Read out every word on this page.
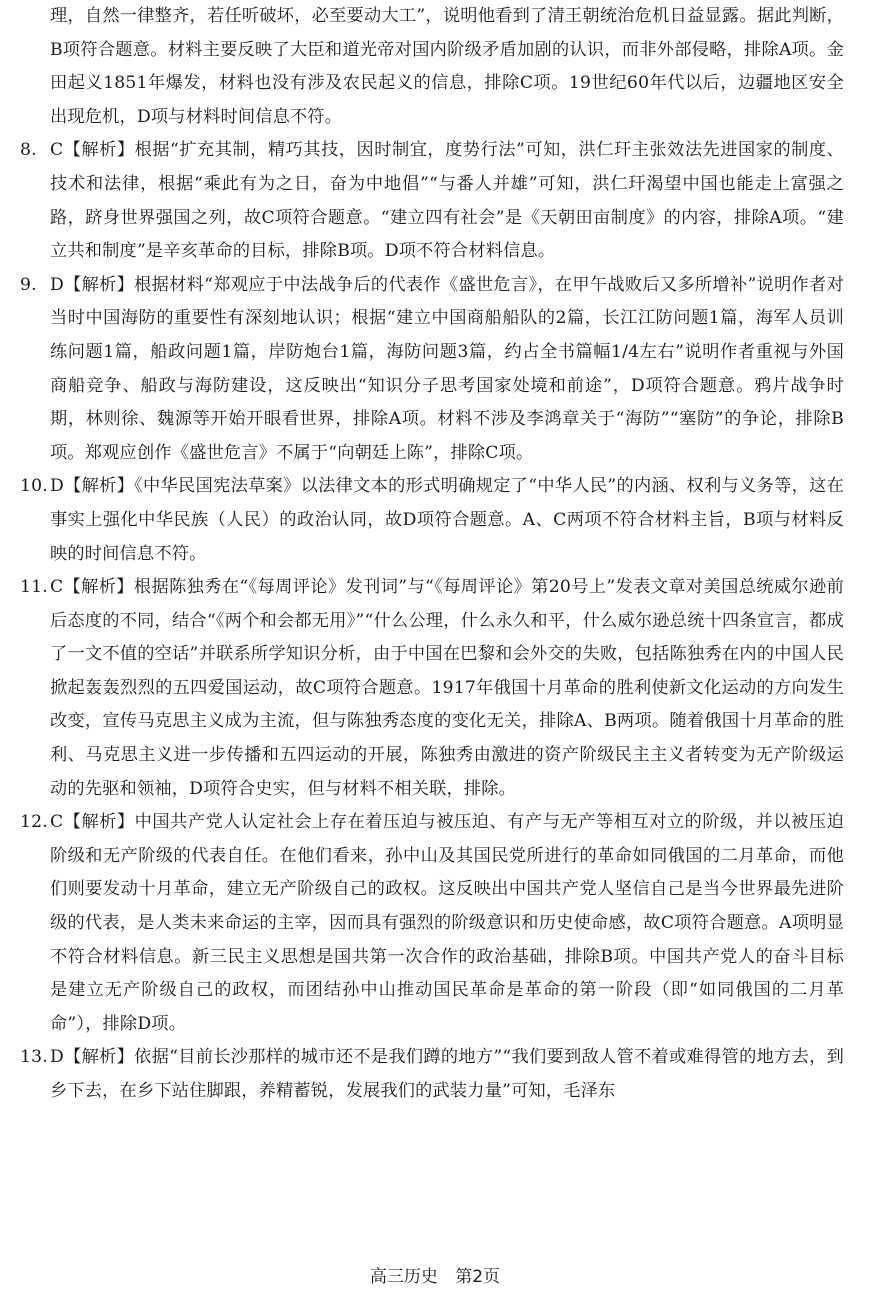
理，自然一律整齐，若任听破坏，必至要动大工”，说明他看到了清王朝统治危机日益显露。据此判断，B项符合题意。材料主要反映了大臣和道光帝对国内阶级矛盾加剧的认识，而非外部侵略，排除A项。金田起义1851年爆发，材料也没有涉及农民起义的信息，排除C项。19世纪60年代以后，边疆地区安全出现危机，D项与材料时间信息不符。
8. C【解析】根据“扩充其制，精巧其技，因时制宜，度势行法”可知，洪仁玕主张效法先进国家的制度、技术和法律，根据“乘此有为之日，奋为中地倡”“与番人并雄”可知，洪仁玕渴望中国也能走上富强之路，跻身世界强国之列，故C项符合题意。“建立四有社会”是《天朝田亩制度》的内容，排除A项。“建立共和制度”是辛亥革命的目标，排除B项。D项不符合材料信息。
9. D【解析】根据材料“郑观应于中法战争后的代表作《盛世危言》，在甲午战败后又多所增补”说明作者对当时中国海防的重要性有深刻地认识；根据“建立中国商船船队的2篇，长江江防问题1篇，海军人员训练问题1篇，船政问题1篇，岸防炮台1篇，海防问题3篇，约占全书篇幅1/4左右”说明作者重视与外国商船竞争、船政与海防建设，这反映出“知识分子思考国家处境和前途”，D项符合题意。鸦片战争时期，林则徐、魏源等开始开眼看世界，排除A项。材料不涉及李鸿章关于“海防”“塞防”的争论，排除B项。郑观应创作《盛世危言》不属于“向朝廷上陈”，排除C项。
10. D【解析】《中华民国宪法草案》以法律文本的形式明确规定了“中华人民”的内涵、权利与义务等，这在事实上强化中华民族（人民）的政治认同，故D项符合题意。A、C两项不符合材料主旨，B项与材料反映的时间信息不符。
11. C【解析】根据陈独秀在“《每周评论》发刊词”与“《每周评论》第20号上”发表文章对美国总统威尔逊前后态度的不同，结合“《两个和会都无用》”“什么公理，什么永久和平，什么威尔逊总统十四条宣言，都成了一文不值的空话”并联系所学知识分析，由于中国在巴黎和会外交的失败，包括陈独秀在内的中国人民掀起轰轰烈烈的五四爱国运动，故C项符合题意。1917年俄国十月革命的胜利使新文化运动的方向发生改变，宣传马克思主义成为主流，但与陈独秀态度的变化无关，排除A、B两项。随着俄国十月革命的胜利、马克思主义进一步传播和五四运动的开展，陈独秀由激进的资产阶级民主主义者转变为无产阶级运动的先驱和领袖，D项符合史实，但与材料不相关联，排除。
12. C【解析】中国共产党人认定社会上存在着压迫与被压迫、有产与无产等相互对立的阶级，并以被压迫阶级和无产阶级的代表自任。在他们看来，孙中山及其国民党所进行的革命如同俄国的二月革命，而他们则要发动十月革命，建立无产阶级自己的政权。这反映出中国共产党人坚信自己是当今世界最先进阶级的代表，是人类未来命运的主宰，因而具有强烈的阶级意识和历史使命感，故C项符合题意。A项明显不符合材料信息。新三民主义思想是国共第一次合作的政治基础，排除B项。中国共产党人的奋斗目标是建立无产阶级自己的政权，而团结孙中山推动国民革命是革命的第一阶段（即“如同俄国的二月革命”），排除D项。
13. D【解析】依据“目前长沙那样的城市还不是我们蹲的地方”“我们要到敌人管不着或难得管的地方去，到乡下去，在乡下站住脚跟，养精蓄锐，发展我们的武装力量”可知，毛泽东
高三历史 第2页
